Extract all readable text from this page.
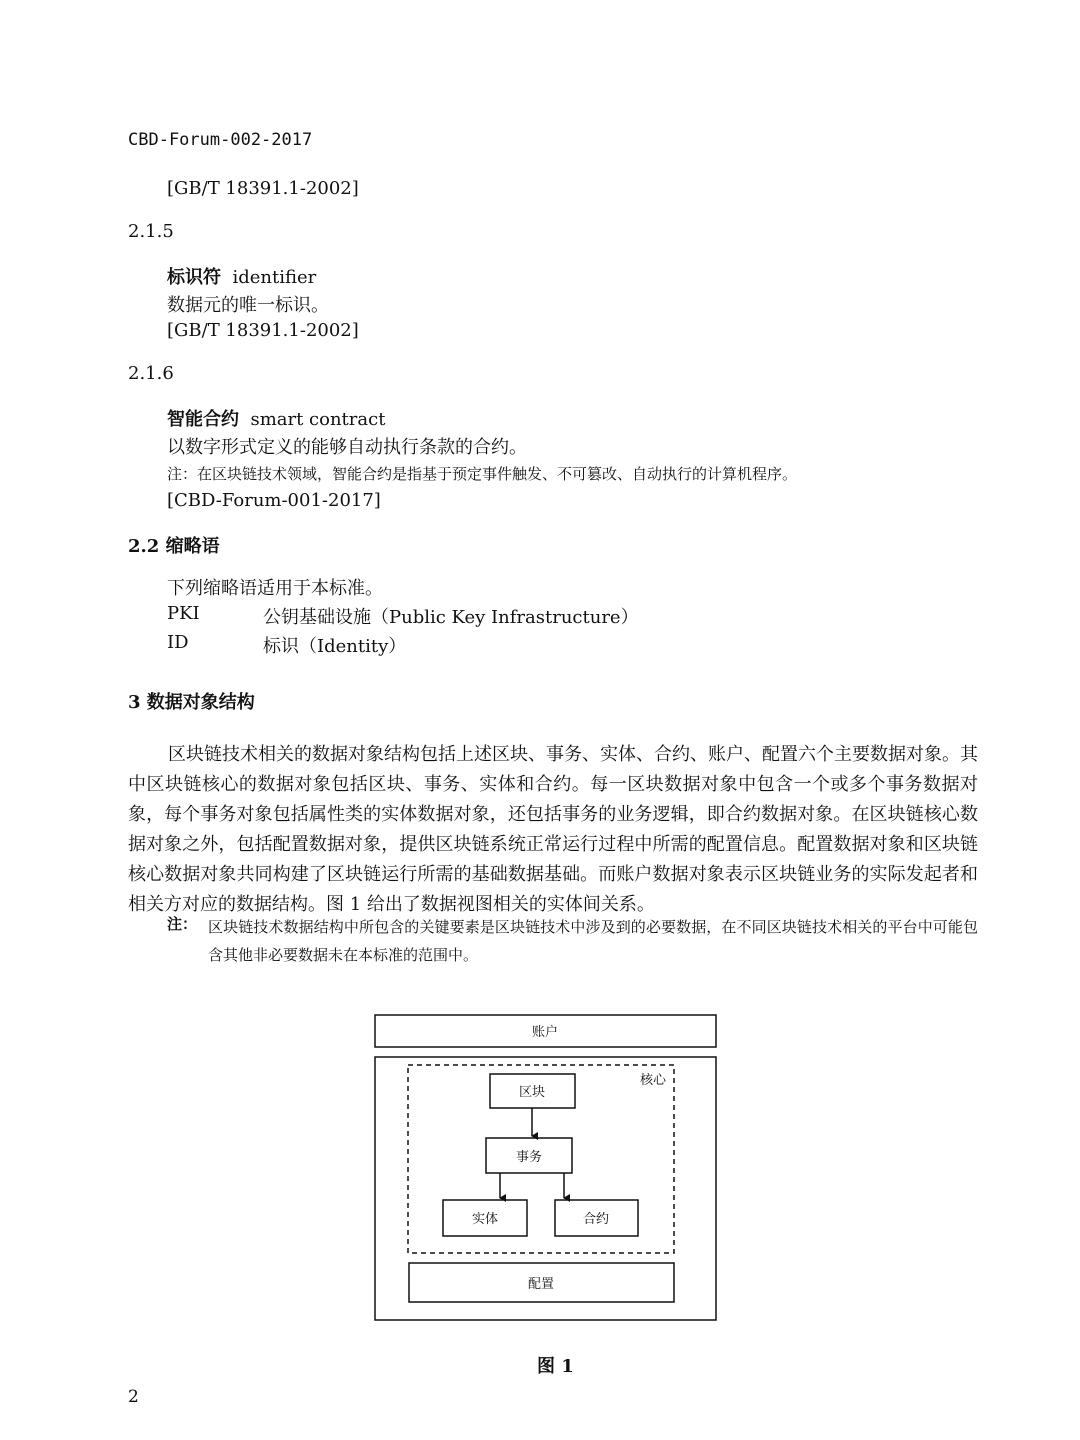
CBD-Forum-002-2017
[GB/T 18391.1-2002]
2.1.5
标识符 identifier
数据元的唯一标识。
[GB/T 18391.1-2002]
2.1.6
智能合约 smart contract
以数字形式定义的能够自动执行条款的合约。
注：在区块链技术领域，智能合约是指基于预定事件触发、不可篡改、自动执行的计算机程序。
[CBD-Forum-001-2017]
2.2 缩略语
下列缩略语适用于本标准。
PKI	公钥基础设施（Public Key Infrastructure）
ID	标识（Identity）
3 数据对象结构
区块链技术相关的数据对象结构包括上述区块、事务、实体、合约、账户、配置六个主要数据对象。其中区块链核心的数据对象包括区块、事务、实体和合约。每一区块数据对象中包含一个或多个事务数据对象，每个事务对象包括属性类的实体数据对象，还包括事务的业务逻辑，即合约数据对象。在区块链核心数据对象之外，包括配置数据对象，提供区块链系统正常运行过程中所需的配置信息。配置数据对象和区块链核心数据对象共同构建了区块链运行所需的基础数据基础。而账户数据对象表示区块链业务的实际发起者和相关方对应的数据结构。图 1 给出了数据视图相关的实体间关系。
注： 区块链技术数据结构中所包含的关键要素是区块链技术中涉及到的必要数据，在不同区块链技术相关的平台中可能包含其他非必要数据未在本标准的范围中。
账户
核心
区块
事务
实体	合约
配置
图 1
2
